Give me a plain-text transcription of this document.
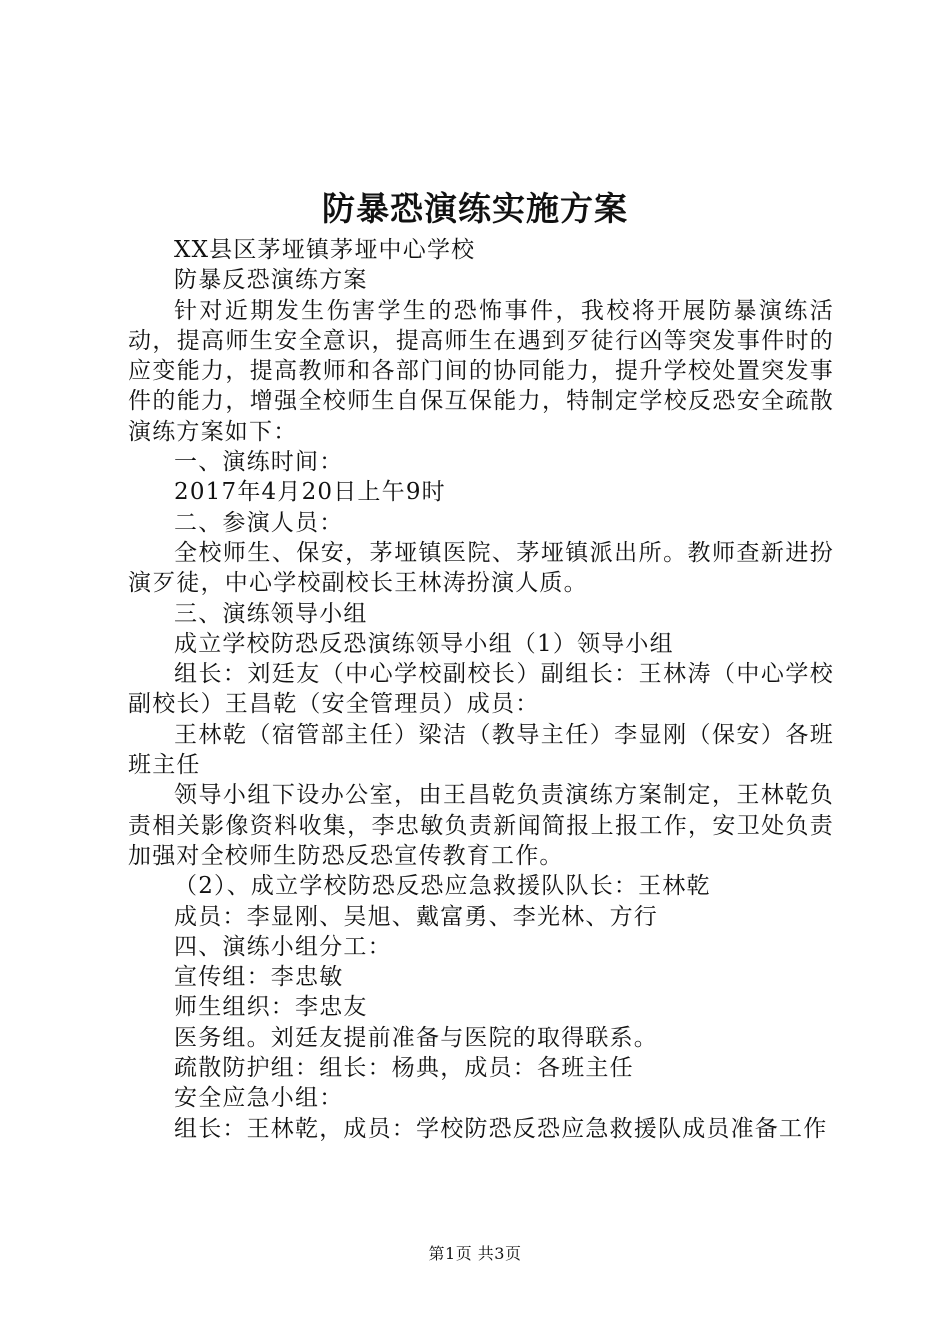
防暴恐演练实施方案

XX县区茅垭镇茅垭中心学校

防暴反恐演练方案

针对近期发生伤害学生的恐怖事件，我校将开展防暴演练活动，提高师生安全意识，提高师生在遇到歹徒行凶等突发事件时的应变能力，提高教师和各部门间的协同能力，提升学校处置突发事件的能力，增强全校师生自保互保能力，特制定学校反恐安全疏散演练方案如下：

一、演练时间：

2017年4月20日上午9时

二、参演人员：

全校师生、保安，茅垭镇医院、茅垭镇派出所。教师查新进扮演歹徒，中心学校副校长王林涛扮演人质。

三、演练领导小组

成立学校防恐反恐演练领导小组（1）领导小组

组长：刘廷友（中心学校副校长）副组长：王林涛（中心学校副校长）王昌乾（安全管理员）成员：

王林乾（宿管部主任）梁洁（教导主任）李显刚（保安）各班班主任

领导小组下设办公室，由王昌乾负责演练方案制定，王林乾负责相关影像资料收集，李忠敏负责新闻简报上报工作，安卫处负责加强对全校师生防恐反恐宣传教育工作。

（2）、成立学校防恐反恐应急救援队队长：王林乾

成员：李显刚、吴旭、戴富勇、李光林、方行

四、演练小组分工：

宣传组：李忠敏

师生组织：李忠友

医务组。刘廷友提前准备与医院的取得联系。

疏散防护组：组长：杨典，成员：各班主任

安全应急小组：

组长：王林乾，成员：学校防恐反恐应急救援队成员准备工作

第1页 共3页
